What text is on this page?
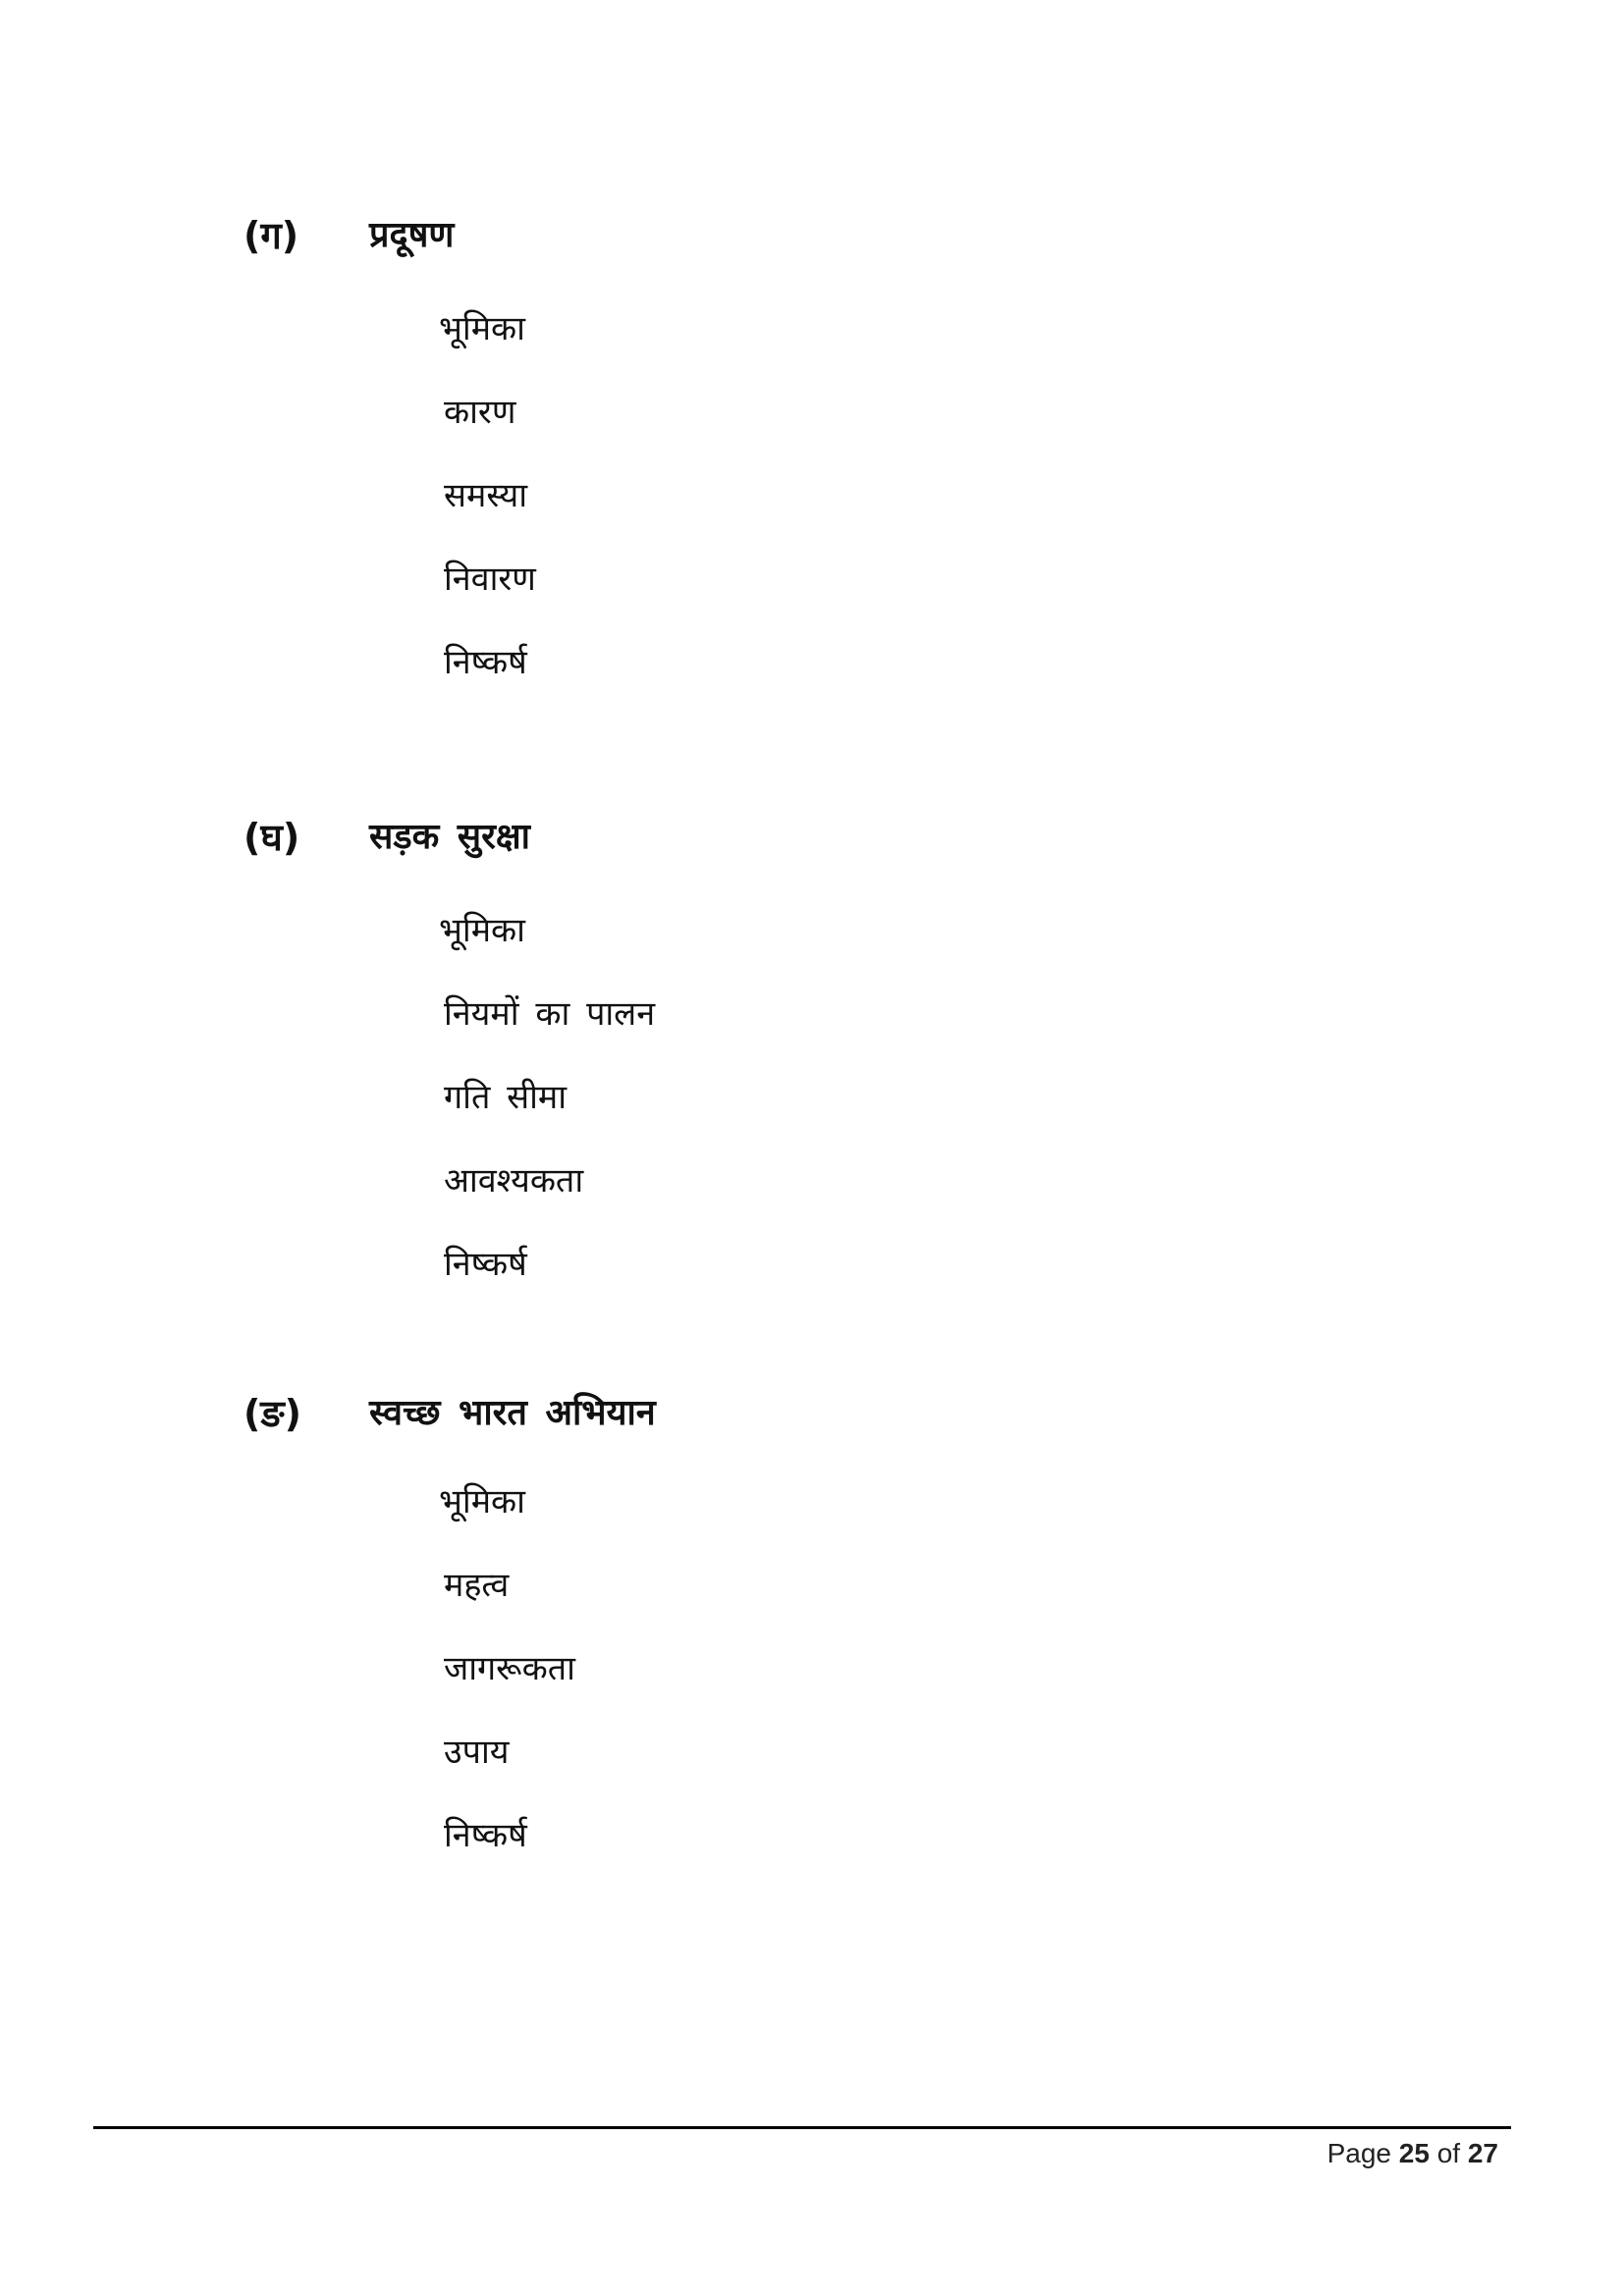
(ग) प्रदूषण
भूमिका
कारण
समस्या
निवारण
निष्कर्ष
(घ) सड़क सुरक्षा
भूमिका
नियमों का पालन
गति सीमा
आवश्यकता
निष्कर्ष
(ङ) स्वच्छ भारत अभियान
भूमिका
महत्व
जागरूकता
उपाय
निष्कर्ष
Page 25 of 27
